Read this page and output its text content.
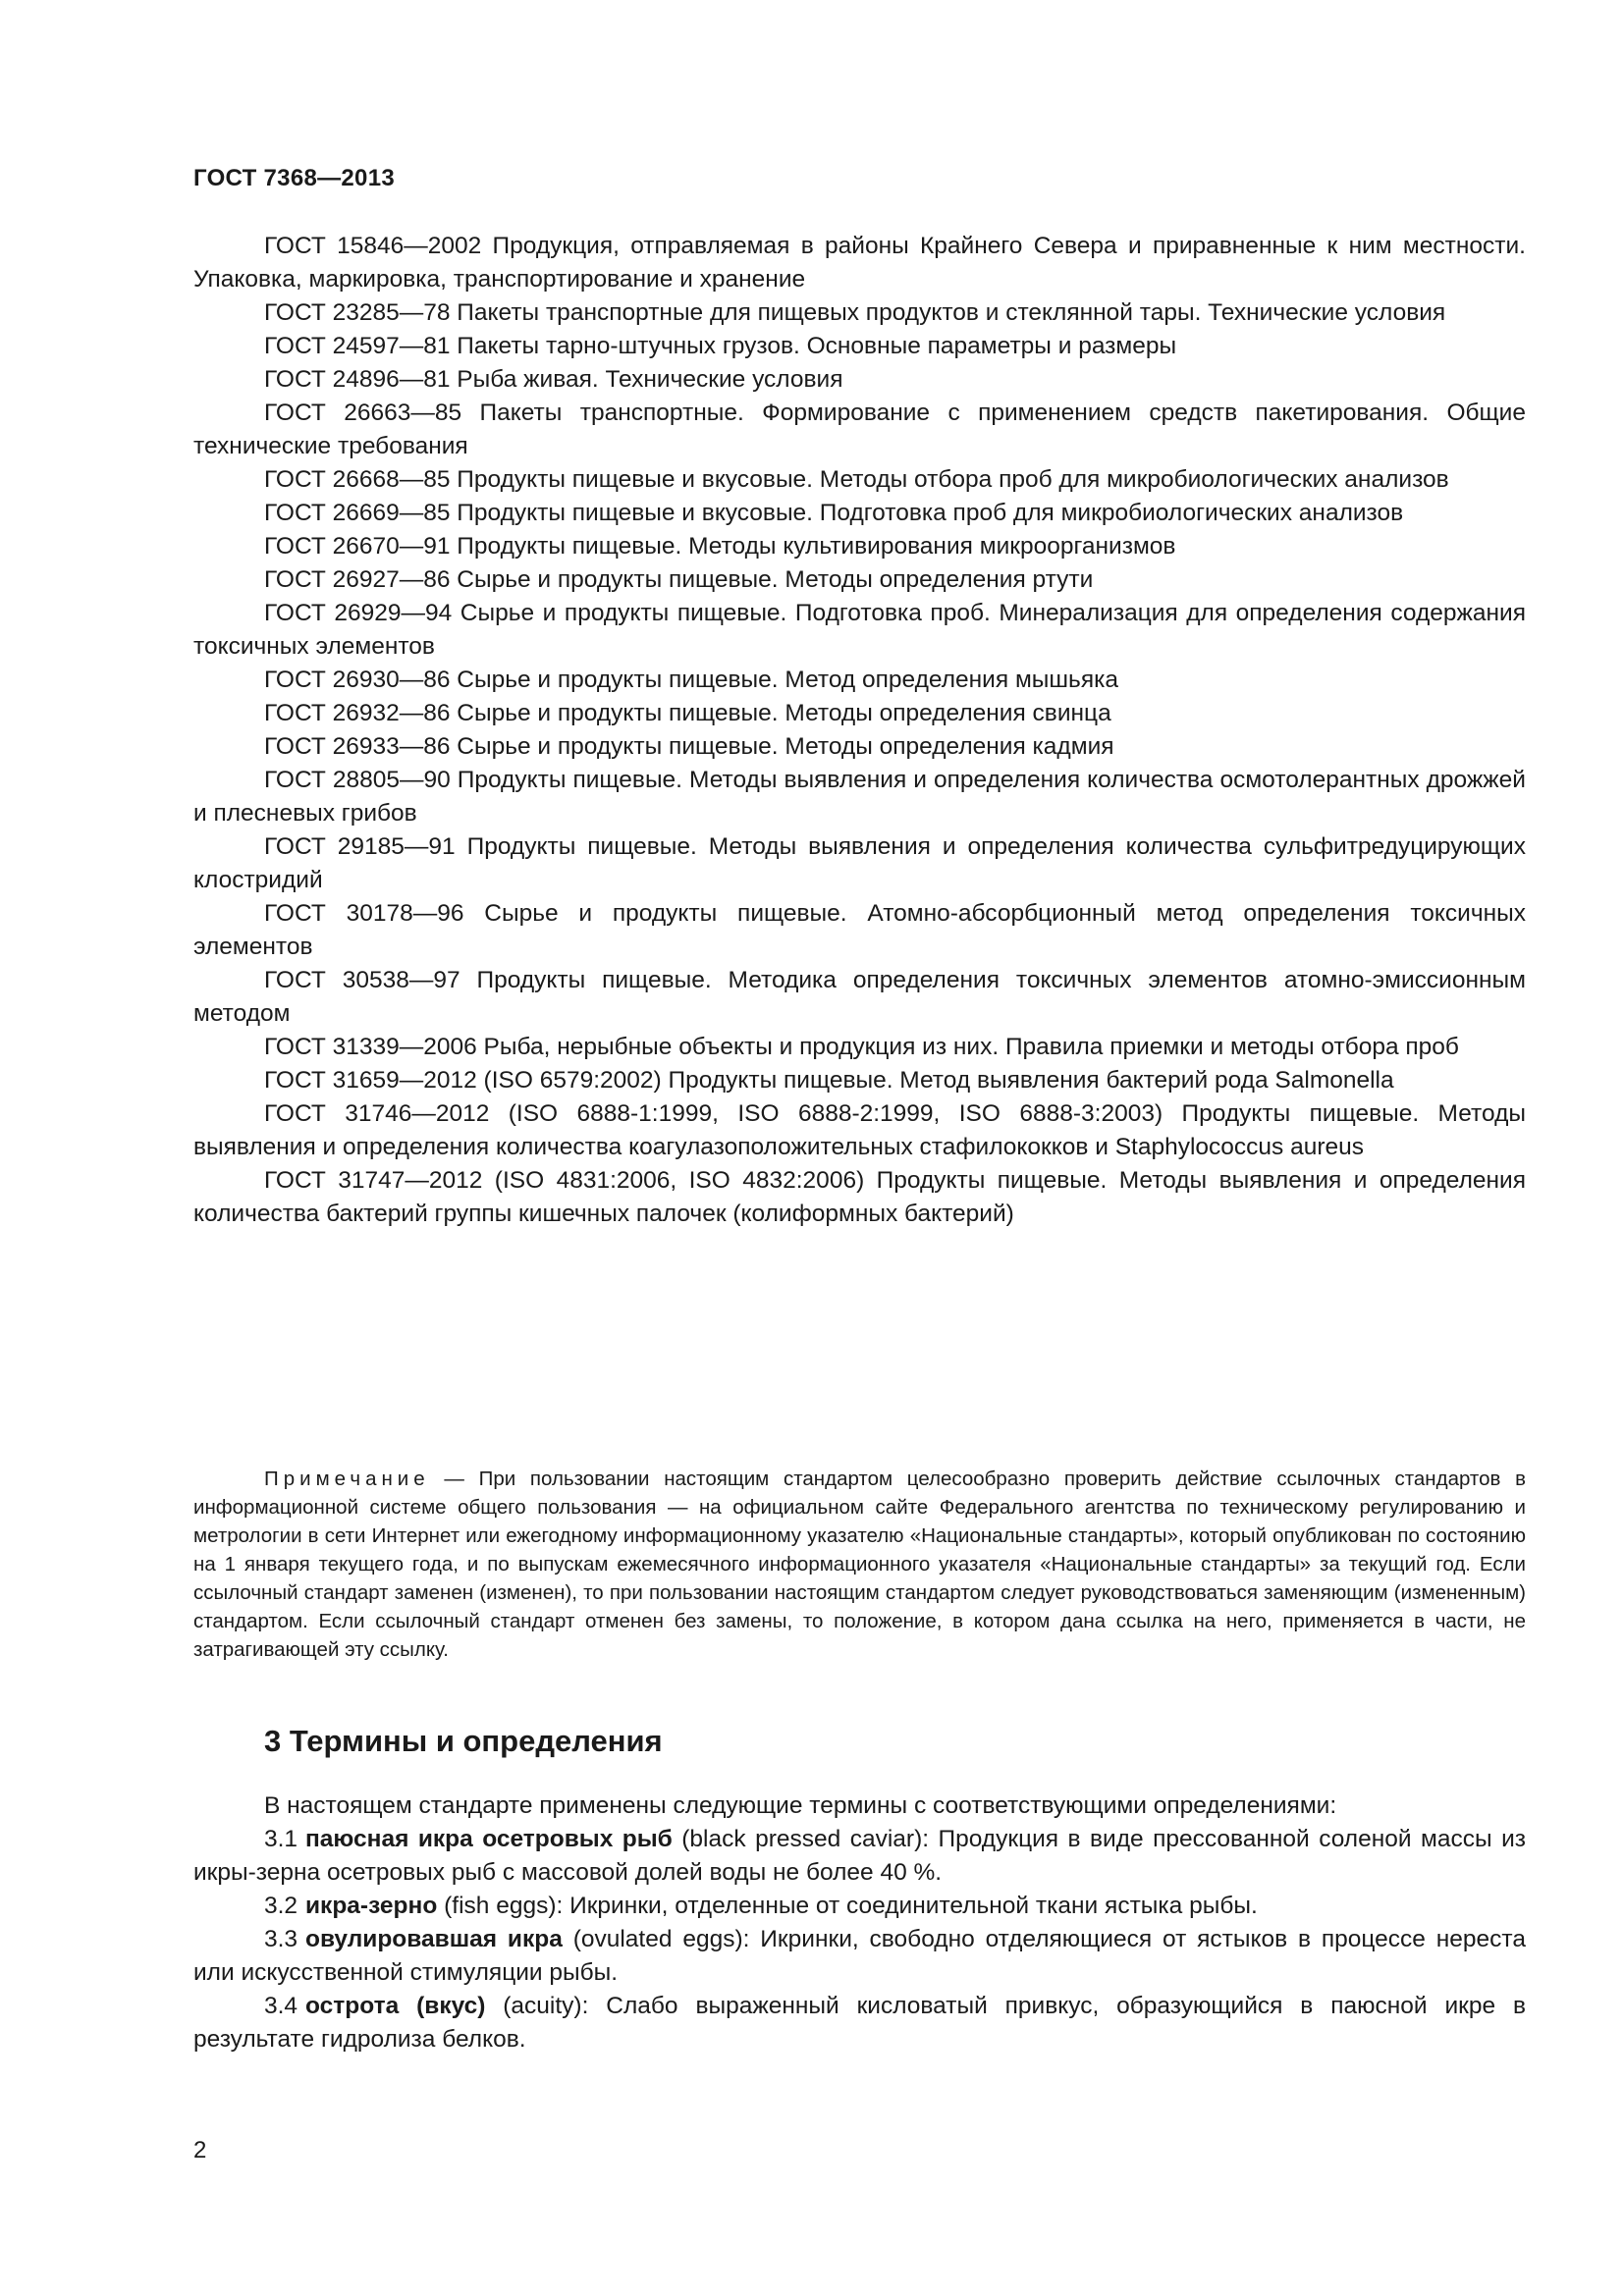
ГОСТ 7368—2013

ГОСТ 15846—2002 Продукция, отправляемая в районы Крайнего Севера и приравненные к ним местности. Упаковка, маркировка, транспортирование и хранение

ГОСТ 23285—78 Пакеты транспортные для пищевых продуктов и стеклянной тары. Технические условия

ГОСТ 24597—81 Пакеты тарно-штучных грузов. Основные параметры и размеры

ГОСТ 24896—81 Рыба живая. Технические условия

ГОСТ 26663—85 Пакеты транспортные. Формирование с применением средств пакетирования. Общие технические требования

ГОСТ 26668—85 Продукты пищевые и вкусовые. Методы отбора проб для микробиологических анализов

ГОСТ 26669—85 Продукты пищевые и вкусовые. Подготовка проб для микробиологических анализов

ГОСТ 26670—91 Продукты пищевые. Методы культивирования микроорганизмов

ГОСТ 26927—86 Сырье и продукты пищевые. Методы определения ртути

ГОСТ 26929—94 Сырье и продукты пищевые. Подготовка проб. Минерализация для определения содержания токсичных элементов

ГОСТ 26930—86 Сырье и продукты пищевые. Метод определения мышьяка

ГОСТ 26932—86 Сырье и продукты пищевые. Методы определения свинца

ГОСТ 26933—86 Сырье и продукты пищевые. Методы определения кадмия

ГОСТ 28805—90 Продукты пищевые. Методы выявления и определения количества осмотолерантных дрожжей и плесневых грибов

ГОСТ 29185—91 Продукты пищевые. Методы выявления и определения количества сульфитредуцирующих клостридий

ГОСТ 30178—96 Сырье и продукты пищевые. Атомно-абсорбционный метод определения токсичных элементов

ГОСТ 30538—97 Продукты пищевые. Методика определения токсичных элементов атомно-эмиссионным методом

ГОСТ 31339—2006 Рыба, нерыбные объекты и продукция из них. Правила приемки и методы отбора проб

ГОСТ 31659—2012 (ISO 6579:2002) Продукты пищевые. Метод выявления бактерий рода Salmonella

ГОСТ 31746—2012 (ISO 6888-1:1999, ISO 6888-2:1999, ISO 6888-3:2003) Продукты пищевые. Методы выявления и определения количества коагулазоположительных стафилококков и Staphylococcus aureus

ГОСТ 31747—2012 (ISO 4831:2006, ISO 4832:2006) Продукты пищевые. Методы выявления и определения количества бактерий группы кишечных палочек (колиформных бактерий)

Примечание — При пользовании настоящим стандартом целесообразно проверить действие ссылочных стандартов в информационной системе общего пользования — на официальном сайте Федерального агентства по техническому регулированию и метрологии в сети Интернет или ежегодному информационному указателю «Национальные стандарты», который опубликован по состоянию на 1 января текущего года, и по выпускам ежемесячного информационного указателя «Национальные стандарты» за текущий год. Если ссылочный стандарт заменен (изменен), то при пользовании настоящим стандартом следует руководствоваться заменяющим (измененным) стандартом. Если ссылочный стандарт отменен без замены, то положение, в котором дана ссылка на него, применяется в части, не затрагивающей эту ссылку.

3 Термины и определения

В настоящем стандарте применены следующие термины с соответствующими определениями:

3.1 паюсная икра осетровых рыб (black pressed caviar): Продукция в виде прессованной соленой массы из икры-зерна осетровых рыб с массовой долей воды не более 40 %.

3.2 икра-зерно (fish eggs): Икринки, отделенные от соединительной ткани ястыка рыбы.

3.3 овулировавшая икра (ovulated eggs): Икринки, свободно отделяющиеся от ястыков в процессе нереста или искусственной стимуляции рыбы.

3.4 острота (вкус) (acuity): Слабо выраженный кисловатый привкус, образующийся в паюсной икре в результате гидролиза белков.

2
